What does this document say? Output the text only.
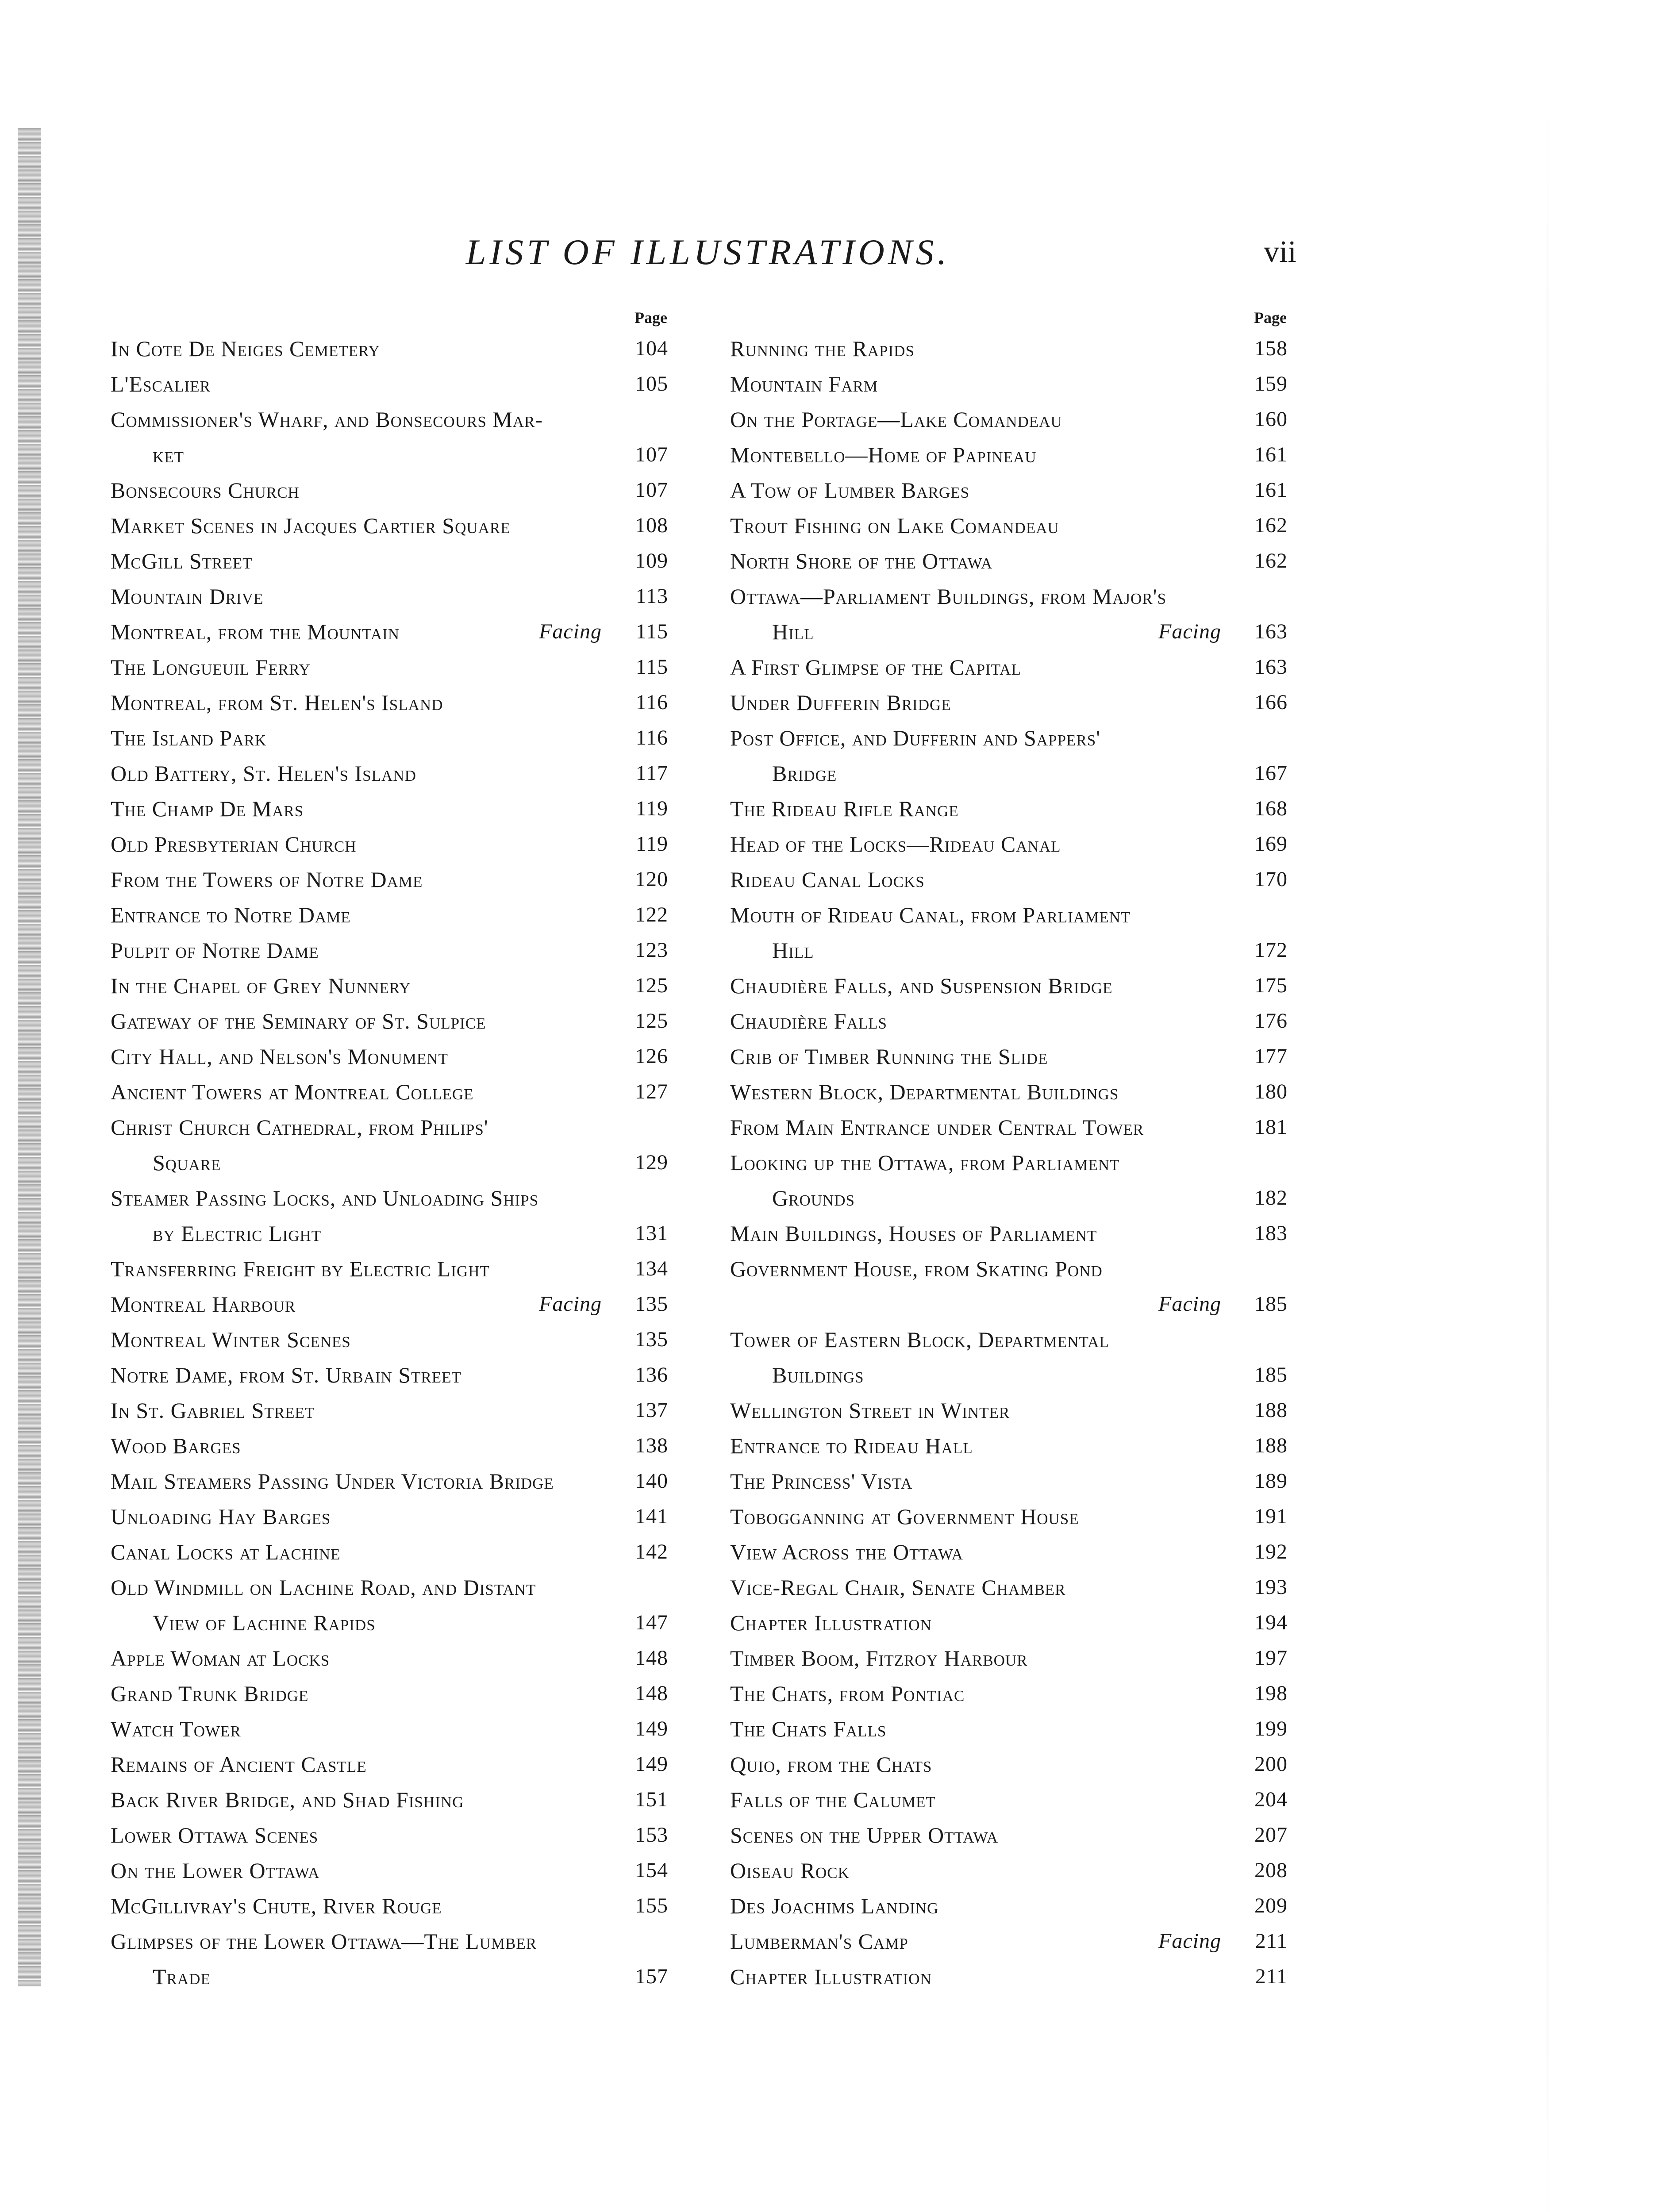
LIST OF ILLUSTRATIONS.	vii
Page
In Cote De Neiges Cemetery	104
L'Escalier	105
Commissioner's Wharf, and Bonsecours Mar-
ket	107
Bonsecours Church	107
Market Scenes in Jacques Cartier Square	108
McGill Street	109
Mountain Drive	113
Montreal, from the Mountain	Facing	115
The Longueuil Ferry	115
Montreal, from St. Helen's Island	116
The Island Park	116
Old Battery, St. Helen's Island	117
The Champ De Mars	119
Old Presbyterian Church	119
From the Towers of Notre Dame	120
Entrance to Notre Dame	122
Pulpit of Notre Dame	123
In the Chapel of Grey Nunnery	125
Gateway of the Seminary of St. Sulpice	125
City Hall, and Nelson's Monument	126
Ancient Towers at Montreal College	127
Christ Church Cathedral, from Philips'
Square	129
Steamer Passing Locks, and Unloading Ships
by Electric Light	131
Transferring Freight by Electric Light	134
Montreal Harbour	Facing	135
Montreal Winter Scenes	135
Notre Dame, from St. Urbain Street	136
In St. Gabriel Street	137
Wood Barges	138
Mail Steamers Passing Under Victoria Bridge	140
Unloading Hay Barges	141
Canal Locks at Lachine	142
Old Windmill on Lachine Road, and Distant
View of Lachine Rapids	147
Apple Woman at Locks	148
Grand Trunk Bridge	148
Watch Tower	149
Remains of Ancient Castle	149
Back River Bridge, and Shad Fishing	151
Lower Ottawa Scenes	153
On the Lower Ottawa	154
McGillivray's Chute, River Rouge	155
Glimpses of the Lower Ottawa—The Lumber
Trade	157
Page
Running the Rapids	158
Mountain Farm	159
On the Portage—Lake Comandeau	160
Montebello—Home of Papineau	161
A Tow of Lumber Barges	161
Trout Fishing on Lake Comandeau	162
North Shore of the Ottawa	162
Ottawa—Parliament Buildings, from Major's
Hill	Facing	163
A First Glimpse of the Capital	163
Under Dufferin Bridge	166
Post Office, and Dufferin and Sappers'
Bridge	167
The Rideau Rifle Range	168
Head of the Locks—Rideau Canal	169
Rideau Canal Locks	170
Mouth of Rideau Canal, from Parliament
Hill	172
Chaudière Falls, and Suspension Bridge	175
Chaudière Falls	176
Crib of Timber Running the Slide	177
Western Block, Departmental Buildings	180
From Main Entrance under Central Tower	181
Looking up the Ottawa, from Parliament
Grounds	182
Main Buildings, Houses of Parliament	183
Government House, from Skating Pond
Facing	185
Tower of Eastern Block, Departmental
Buildings	185
Wellington Street in Winter	188
Entrance to Rideau Hall	188
The Princess' Vista	189
Tobogganning at Government House	191
View Across the Ottawa	192
Vice-Regal Chair, Senate Chamber	193
Chapter Illustration	194
Timber Boom, Fitzroy Harbour	197
The Chats, from Pontiac	198
The Chats Falls	199
Quio, from the Chats	200
Falls of the Calumet	204
Scenes on the Upper Ottawa	207
Oiseau Rock	208
Des Joachims Landing	209
Lumberman's Camp	Facing	211
Chapter Illustration	211
